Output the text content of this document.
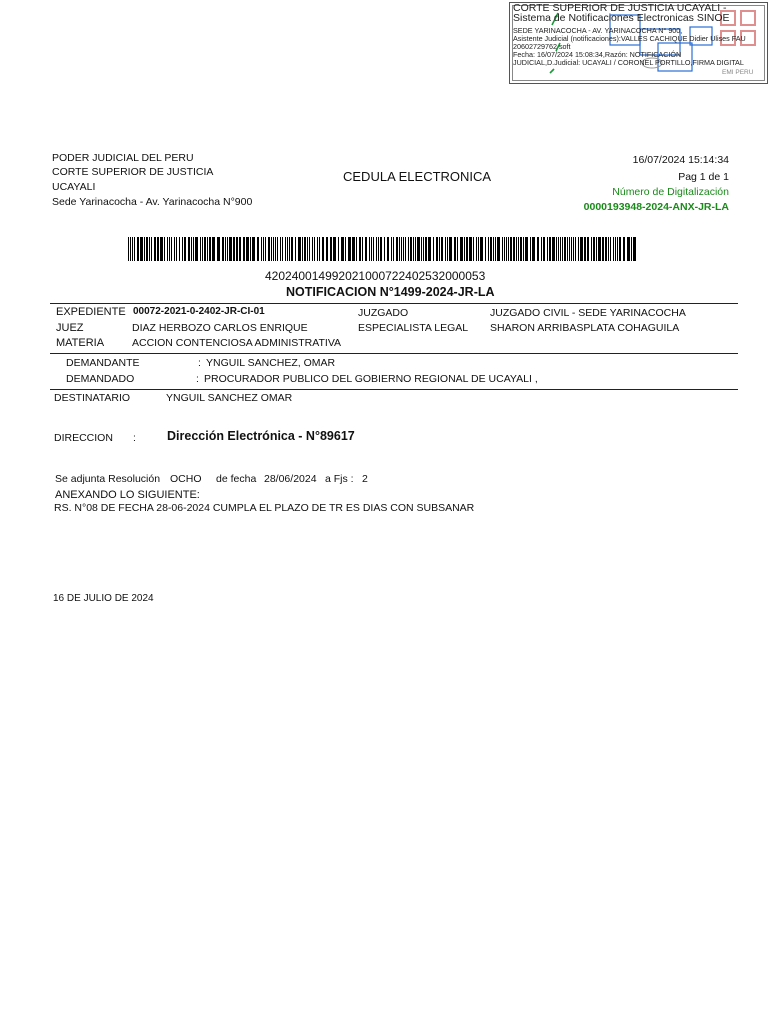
CORTE SUPERIOR DE JUSTICIA UCAYALI -
Sistema de Notificaciones Electronicas SINOE
SEDE YARINACOCHA - AV. YARINACOCHA N° 900,
Asistente Judicial (notificaciones):VALLES CACHIQUE Didier Ulises FAU
20602729762 soft
Fecha: 16/07/2024 15:08:34,Razón: NOTIFICACIÓN
JUDICIAL,D.Judicial: UCAYALI / CORONEL PORTILLO,FIRMA DIGITAL
EMI PERU
PODER JUDICIAL DEL PERU
CORTE SUPERIOR DE JUSTICIA
UCAYALI
Sede Yarinacocha - Av. Yarinacocha N°900
CEDULA ELECTRONICA
16/07/2024 15:14:34
Pag 1 de 1
Número de Digitalización
0000193948-2024-ANX-JR-LA
420240014992021000722402532000053
NOTIFICACION N°1499-2024-JR-LA
EXPEDIENTE 00072-2021-0-2402-JR-CI-01	JUZGADO	JUZGADO CIVIL - SEDE YARINACOCHA
JUEZ	DIAZ HERBOZO CARLOS ENRIQUE	ESPECIALISTA LEGAL SHARON ARRIBASPLATA COHAGUILA
MATERIA	ACCION CONTENCIOSA ADMINISTRATIVA
DEMANDANTE	: YNGUIL SANCHEZ, OMAR
DEMANDADO	: PROCURADOR PUBLICO DEL GOBIERNO REGIONAL DE UCAYALI ,
DESTINATARIO	YNGUIL SANCHEZ OMAR
DIRECCION : Dirección Electrónica - N°89617
Se adjunta Resolución OCHO de fecha 28/06/2024 a Fjs : 2
ANEXANDO LO SIGUIENTE:
RS. N°08 DE FECHA 28-06-2024 CUMPLA EL PLAZO DE TR ES DIAS CON SUBSANAR
16 DE JULIO DE 2024
